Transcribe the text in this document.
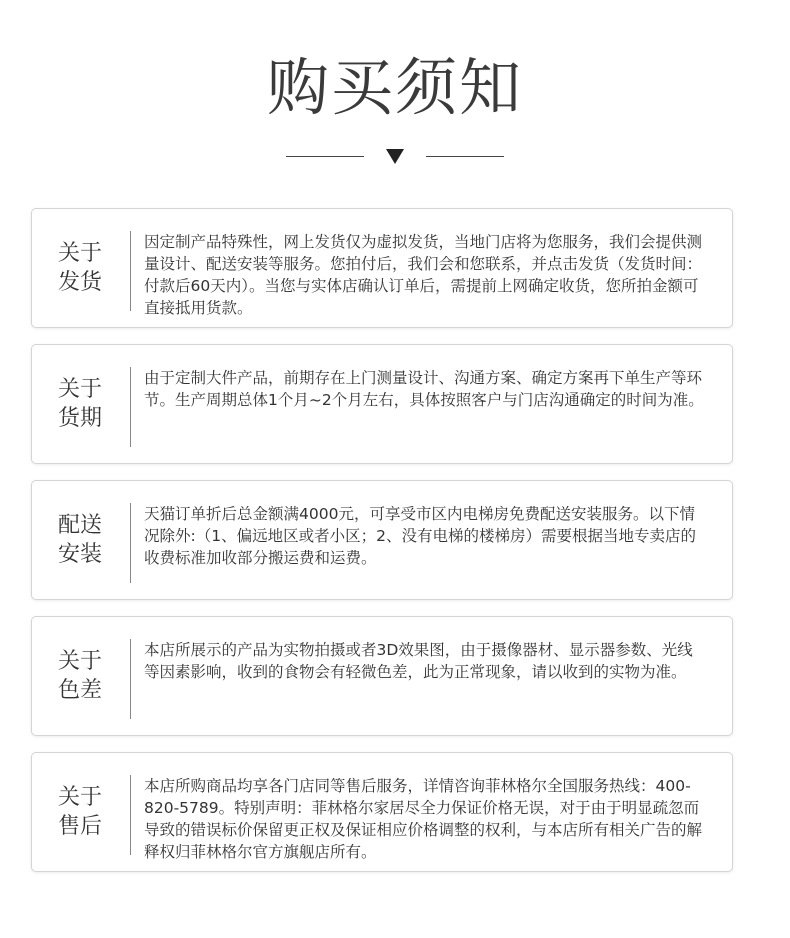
购买须知
关于
发货
因定制产品特殊性，网上发货仅为虚拟发货，当地门店将为您服务，我们会提供测量设计、配送安装等服务。您拍付后，我们会和您联系，并点击发货（发货时间：付款后60天内）。当您与实体店确认订单后，需提前上网确定收货，您所拍金额可直接抵用货款。
关于
货期
由于定制大件产品，前期存在上门测量设计、沟通方案、确定方案再下单生产等环节。生产周期总体1个月~2个月左右，具体按照客户与门店沟通确定的时间为准。
配送
安装
天猫订单折后总金额满4000元，可享受市区内电梯房免费配送安装服务。以下情况除外:（1、偏远地区或者小区；2、没有电梯的楼梯房）需要根据当地专卖店的收费标准加收部分搬运费和运费。
关于
色差
本店所展示的产品为实物拍摄或者3D效果图，由于摄像器材、显示器参数、光线等因素影响，收到的食物会有轻微色差，此为正常现象，请以收到的实物为准。
关于
售后
本店所购商品均享各门店同等售后服务，详情咨询菲林格尔全国服务热线：400-820-5789。特别声明：菲林格尔家居尽全力保证价格无误，对于由于明显疏忽而导致的错误标价保留更正权及保证相应价格调整的权利，与本店所有相关广告的解释权归菲林格尔官方旗舰店所有。
